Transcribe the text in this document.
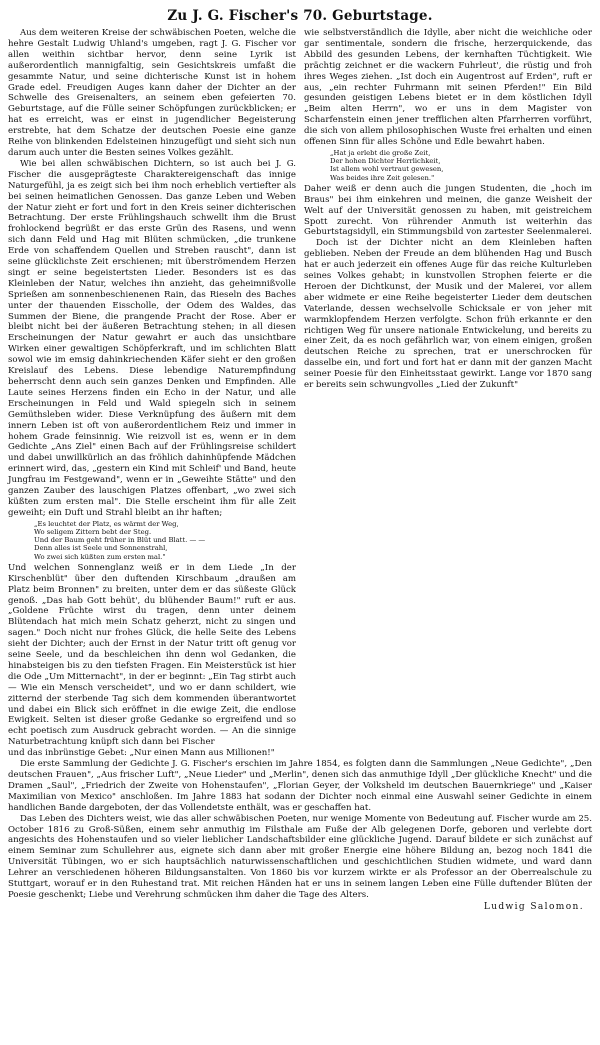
Zu J. G. Fischer's 70. Geburtstage.

Aus dem weiteren Kreise der schwäbischen Poeten, welche die hehre Gestalt Ludwig Uhland's umgeben, ragt J. G. Fischer vor allen weithin sichtbar hervor, denn seine Lyrik ist außerordentlich mannigfaltig, sein Gesichtskreis umfaßt die gesammte Natur, und seine dichterische Kunst ist in hohem Grade edel. Freudigen Auges kann daher der Dichter an der Schwelle des Greisenalters, an seinem eben gefeierten 70. Geburtstage, auf die Fülle seiner Schöpfungen zurückblicken; er hat es erreicht, was er einst in jugendlicher Begeisterung erstrebte, hat dem Schatze der deutschen Poesie eine ganze Reihe von blinkenden Edelsteinen hinzugefügt und sieht sich nun darum auch unter die Besten seines Volkes gezählt.

Wie bei allen schwäbischen Dichtern, so ist auch bei J. G. Fischer die ausgeprägteste Charaktereigenschaft das innige Naturgefühl, ja es zeigt sich bei ihm noch erheblich vertiefter als bei seinen heimatlichen Genossen. Das ganze Leben und Weben der Natur zieht er fort und fort in den Kreis seiner dichterischen Betrachtung. Der erste Frühlingshauch schwellt ihm die Brust frohlockend begrüßt er das erste Grün des Rasens, und wenn sich dann Feld und Hag mit Blüten schmücken, „die trunkene Erde von schaffendem Quellen und Streben rauscht", dann ist seine glücklichste Zeit erschienen; mit überströmendem Herzen singt er seine begeistertsten Lieder. Besonders ist es das Kleinleben der Natur, welches ihn anzieht, das geheimnißvolle Sprießen am sonnenbeschienenen Rain, das Rieseln des Baches unter der thauenden Eisscholle, der Odem des Waldes, das Summen der Biene, die prangende Pracht der Rose. Aber er bleibt nicht bei der äußeren Betrachtung stehen; in all diesen Erscheinungen der Natur gewahrt er auch das unsichtbare Wirken einer gewaltigen Schöpferkraft, und im schlichten Blatt sowol wie im emsig dahinkriechenden Käfer sieht er den großen Kreislauf des Lebens. Diese lebendige Naturempfindung beherrscht denn auch sein ganzes Denken und Empfinden. Alle Laute seines Herzens finden ein Echo in der Natur, und alle Erscheinungen in Feld und Wald spiegeln sich in seinem Gemüthsleben wider. Diese Verknüpfung des äußern mit dem innern Leben ist oft von außerordentlichem Reiz und immer in hohem Grade feinsinnig. Wie reizvoll ist es, wenn er in dem Gedichte „Ans Ziel" einen Bach auf der Frühlingsreise schildert und dabei unwillkürlich an das fröhlich dahinhüpfende Mädchen erinnert wird, das, „gestern ein Kind mit Schleif' und Band, heute Jungfrau im Festgewand", wenn er in „Geweihte Stätte" und den ganzen Zauber des lauschigen Platzes offenbart, „wo zwei sich küßten zum ersten mal". Die Stelle erscheint ihm für alle Zeit geweiht; ein Duft und Strahl bleibt an ihr haften;

„Es leuchtet der Platz, es wärmt der Weg,
Wo seligem Zittern bebt der Steg.
Und der Baum geht früher in Blüt und Blatt. — —
Denn alles ist Seele und Sonnenstrahl,
Wo zwei sich küßten zum ersten mal."

Und welchen Sonnenglanz weiß er in dem Liede „In der Kirschenblüt" über den duftenden Kirschbaum „draußen am Platz beim Bronnen" zu breiten, unter dem er das süßeste Glück genoß. „Das hab Gott behüt', du blühender Baum!" ruft er aus. „Goldene Früchte wirst du tragen, denn unter deinem Blütendach hat mich mein Schatz geherzt, nicht zu singen und sagen." Doch nicht nur frohes Glück, die helle Seite des Lebens sieht der Dichter; auch der Ernst in der Natur tritt oft genug vor seine Seele, und da beschleichen ihn denn wol Gedanken, die hinabsteigen bis zu den tiefsten Fragen. Ein Meisterstück ist hier die Ode „Um Mitternacht", in der er beginnt: „Ein Tag stirbt auch — Wie ein Mensch verscheidet", und wo er dann schildert, wie zitternd der sterbende Tag sich dem kommenden überantwortet und dabei ein Blick sich eröffnet in die ewige Zeit, die endlose Ewigkeit. Selten ist dieser große Gedanke so ergreifend und so echt poetisch zum Ausdruck gebracht worden. — An die sinnige Naturbetrachtung knüpft sich dann bei Fischer

wie selbstverständlich die Idylle, aber nicht die weichliche oder gar sentimentale, sondern die frische, herzerquickende, das Abbild des gesunden Lebens, der kernhaften Tüchtigkeit. Wie prächtig zeichnet er die wackern Fuhrleut', die rüstig und froh ihres Weges ziehen. „Ist doch ein Augentrost auf Erden", ruft er aus, „ein rechter Fuhrmann mit seinen Pferden!" Ein Bild gesunden geistigen Lebens bietet er in dem köstlichen Idyll „Beim alten Herrn", wo er uns in dem Magister von Scharfenstein einen jener trefflichen alten Pfarrherren vorführt, die sich von allem philosophischen Wuste frei erhalten und einen offenen Sinn für alles Schöne und Edle bewahrt haben.

„Hat ja erlebt die große Zeit,
Der hohen Dichter Herrlichkeit,
Ist allem wohl vertraut gewesen,
Was beides ihre Zeit gelesen."

Daher weiß er denn auch die jungen Studenten, die „hoch im Braus" bei ihm einkehren und meinen, die ganze Weisheit der Welt auf der Universität genossen zu haben, mit geistreichem Spott zurecht. Von rührender Anmuth ist weiterhin das Geburtstagsidyll, ein Stimmungsbild von zartester Seelenmalerei.

Doch ist der Dichter nicht an dem Kleinleben haften geblieben. Neben der Freude an dem blühenden Hag und Busch hat er auch jederzeit ein offenes Auge für das reiche Kulturleben seines Volkes gehabt; in kunstvollen Strophen feierte er die Heroen der Dichtkunst, der Musik und der Malerei, vor allem aber widmete er eine Reihe begeisterter Lieder dem deutschen Vaterlande, dessen wechselvolle Schicksale er von jeher mit warmklopfendem Herzen verfolgte. Schon früh erkannte er den richtigen Weg für unsere nationale Entwickelung, und bereits zu einer Zeit, da es noch gefährlich war, von einem einigen, großen deutschen Reiche zu sprechen, trat er unerschrocken für dasselbe ein, und fort und fort hat er dann mit der ganzen Macht seiner Poesie für den Einheitsstaat gewirkt. Lange vor 1870 sang er bereits sein schwungvolles „Lied der Zukunft"

und das inbrünstige Gebet: „Nur einen Mann aus Millionen!"

Die erste Sammlung der Gedichte J. G. Fischer's erschien im Jahre 1854, es folgten dann die Sammlungen „Neue Gedichte", „Den deutschen Frauen", „Aus frischer Luft", „Neue Lieder" und „Merlin", denen sich das anmuthige Idyll „Der glückliche Knecht" und die Dramen „Saul", „Friedrich der Zweite von Hohenstaufen", „Florian Geyer, der Volksheld im deutschen Bauernkriege" und „Kaiser Maximilian von Mexico" anschloßen. Im Jahre 1883 hat sodann der Dichter noch einmal eine Auswahl seiner Gedichte in einem handlichen Bande dargeboten, der das Vollendetste enthält, was er geschaffen hat.

Das Leben des Dichters weist, wie das aller schwäbischen Poeten, nur wenige Momente von Bedeutung auf. Fischer wurde am 25. October 1816 zu Groß-Süßen, einem sehr anmuthig im Filsthale am Fuße der Alb gelegenen Dorfe, geboren und verlebte dort angesichts des Hohenstaufen und so vieler lieblicher Landschaftsbilder eine glückliche Jugend. Darauf bildete er sich zunächst auf einem Seminar zum Schullehrer aus, eignete sich dann aber mit großer Energie eine höhere Bildung an, bezog noch 1841 die Universität Tübingen, wo er sich hauptsächlich naturwissenschaftlichen und geschichtlichen Studien widmete, und ward dann Lehrer an verschiedenen höheren Bildungsanstalten. Von 1860 bis vor kurzem wirkte er als Professor an der Oberrealschule zu Stuttgart, worauf er in den Ruhestand trat. Mit reichen Händen hat er uns in seinem langen Leben eine Fülle duftender Blüten der Poesie geschenkt; Liebe und Verehrung schmücken ihm daher die Tage des Alters.

Ludwig Salomon.
